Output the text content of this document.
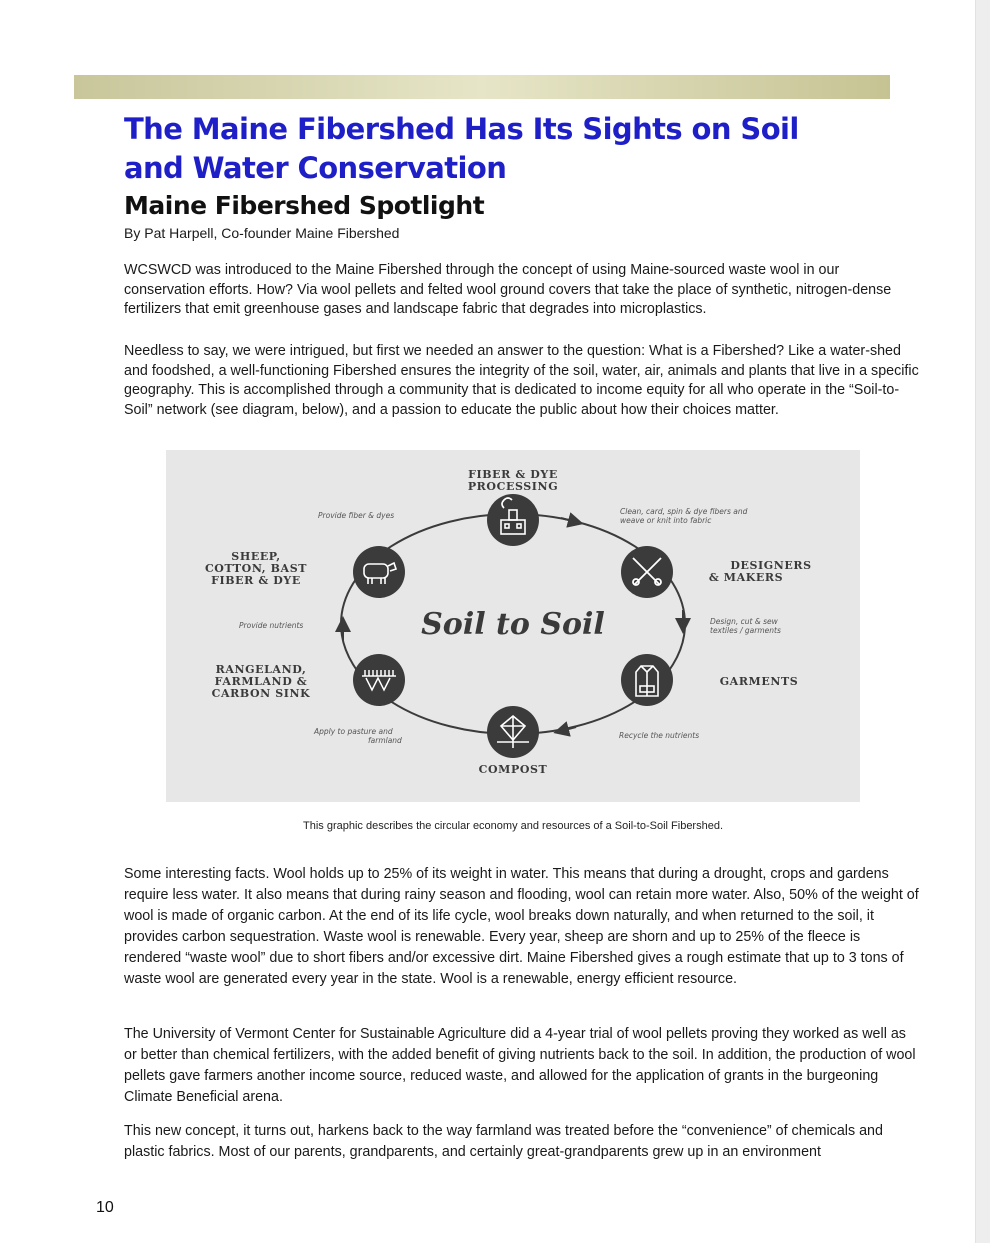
The Maine Fibershed Has Its Sights on Soil and Water Conservation
Maine Fibershed Spotlight
By Pat Harpell, Co-founder Maine Fibershed

WCSWCD was introduced to the Maine Fibershed through the concept of using Maine-sourced waste wool in our conservation efforts. How? Via wool pellets and felted wool ground covers that take the place of synthetic, nitrogen-dense fertilizers that emit greenhouse gases and landscape fabric that degrades into microplastics.

Needless to say, we were intrigued, but first we needed an answer to the question: What is a Fibershed? Like a water-shed and foodshed, a well-functioning Fibershed ensures the integrity of the soil, water, air, animals and plants that live in a specific geography. This is accomplished through a community that is dedicated to income equity for all who operate in the “Soil-to-Soil” network (see diagram, below), and a passion to educate the public about how their choices matter.

Soil to Soil
FIBER & DYE
PROCESSING
DESIGNERS
& MAKERS
GARMENTS
COMPOST
RANGELAND,
FARMLAND &
CARBON SINK
SHEEP,
COTTON, BAST
FIBER & DYE
Provide fiber & dyes	Clean, card, spin & dye fibers and
weave or knit into fabric
Design, cut & sew
textiles / garments
Recycle the nutrients
Apply to pasture and
farmland
Provide nutrients
This graphic describes the circular economy and resources of a Soil-to-Soil Fibershed.

Some interesting facts. Wool holds up to 25% of its weight in water. This means that during a drought, crops and gardens require less water. It also means that during rainy season and flooding, wool can retain more water. Also, 50% of the weight of wool is made of organic carbon. At the end of its life cycle, wool breaks down naturally, and when returned to the soil, it provides carbon sequestration. Waste wool is renewable. Every year, sheep are shorn and up to 25% of the fleece is rendered “waste wool” due to short fibers and/or excessive dirt. Maine Fibershed gives a rough estimate that up to 3 tons of waste wool are generated every year in the state. Wool is a renewable, energy efficient resource.

The University of Vermont Center for Sustainable Agriculture did a 4-year trial of wool pellets proving they worked as well as or better than chemical fertilizers, with the added benefit of giving nutrients back to the soil. In addition, the production of wool pellets gave farmers another income source, reduced waste, and allowed for the application of grants in the burgeoning Climate Beneficial arena.

This new concept, it turns out, harkens back to the way farmland was treated before the “convenience” of chemicals and plastic fabrics. Most of our parents, grandparents, and certainly great-grandparents grew up in an environment

10
